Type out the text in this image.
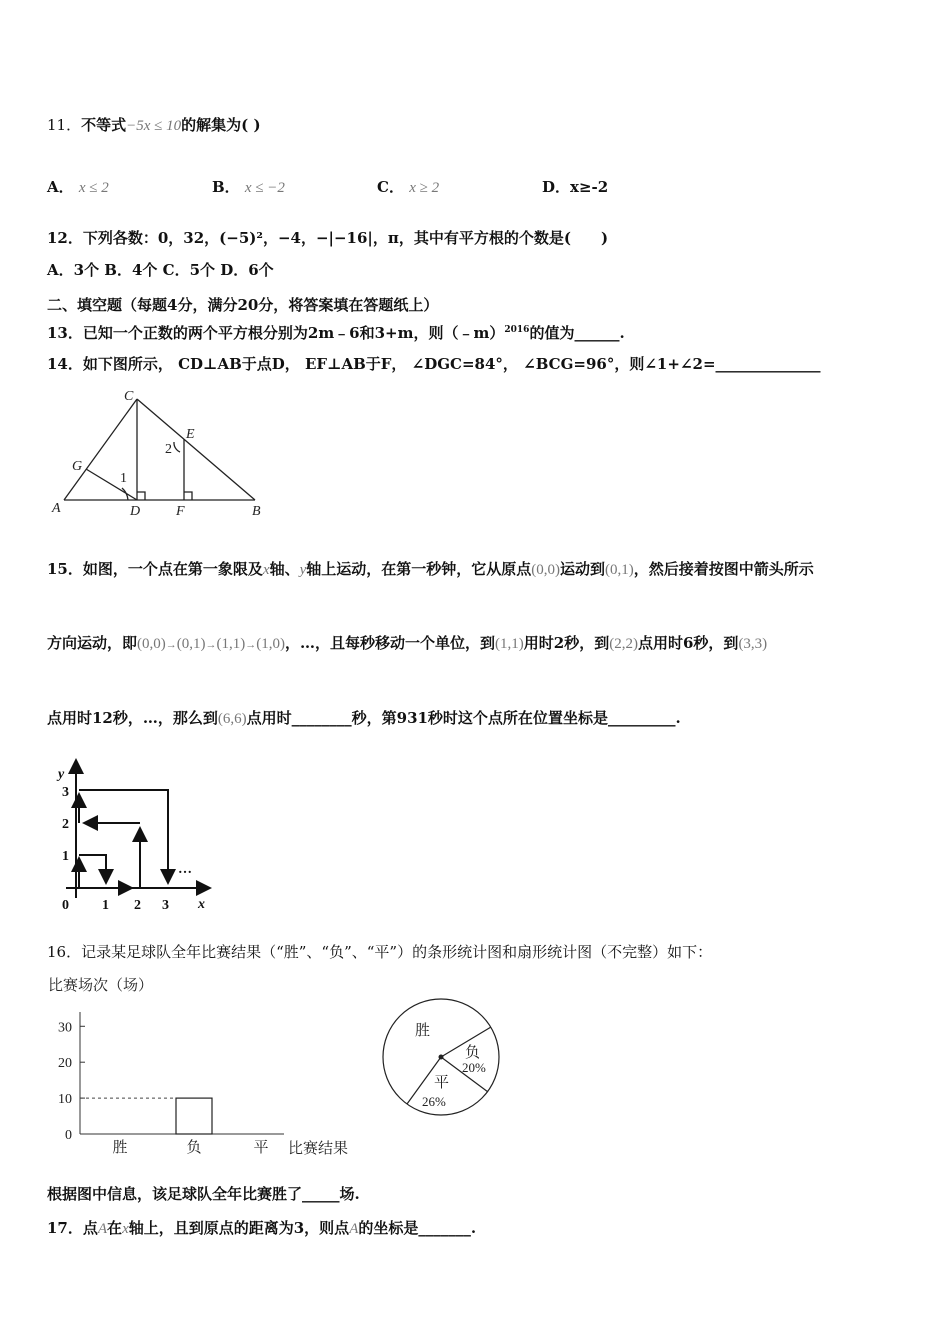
11．不等式−5x ≤ 10的解集为( )
A． x ≤ 2	B． x ≤ −2	C． x ≥ 2	D．x≥-2
12．下列各数：0，32，(−5)²，−4，−|−16|，π，其中有平方根的个数是(　　)
A．3个 B．4个 C．5个 D．6个
二、填空题（每题4分，满分20分，将答案填在答题纸上）
13．已知一个正数的两个平方根分别为2m﹣6和3+m，则（﹣m）$^{2016}$的值为______.
14．如下图所示， CD⊥AB于点D， EF⊥AB于F， ∠DGC=84°， ∠BCG=96°，则∠1+∠2=______________
C
E
G
2
1
A	D	F	B
15．如图，一个点在第一象限及x轴、y轴上运动，在第一秒钟，它从原点(0,0)运动到(0,1)，然后接着按图中箭头所示
方向运动，即(0,0)→(0,1)→(1,1)→(1,0)，…，且每秒移动一个单位，到(1,1)用时2秒，到(2,2)点用时6秒，到(3,3)
点用时12秒，…，那么到(6,6)点用时________秒，第931秒时这个点所在位置坐标是_________.
y
x
0 1 2 3
1
2
3
…
16．记录某足球队全年比赛结果（“胜”、“负”、“平”）的条形统计图和扇形统计图（不完整）如下：
比赛场次（场）
比赛结果
0
10
20
30
胜	负	平
胜
负
20%
平
26%
根据图中信息，该足球队全年比赛胜了_____场.
17．点A在x轴上，且到原点的距离为3，则点A的坐标是_______.
